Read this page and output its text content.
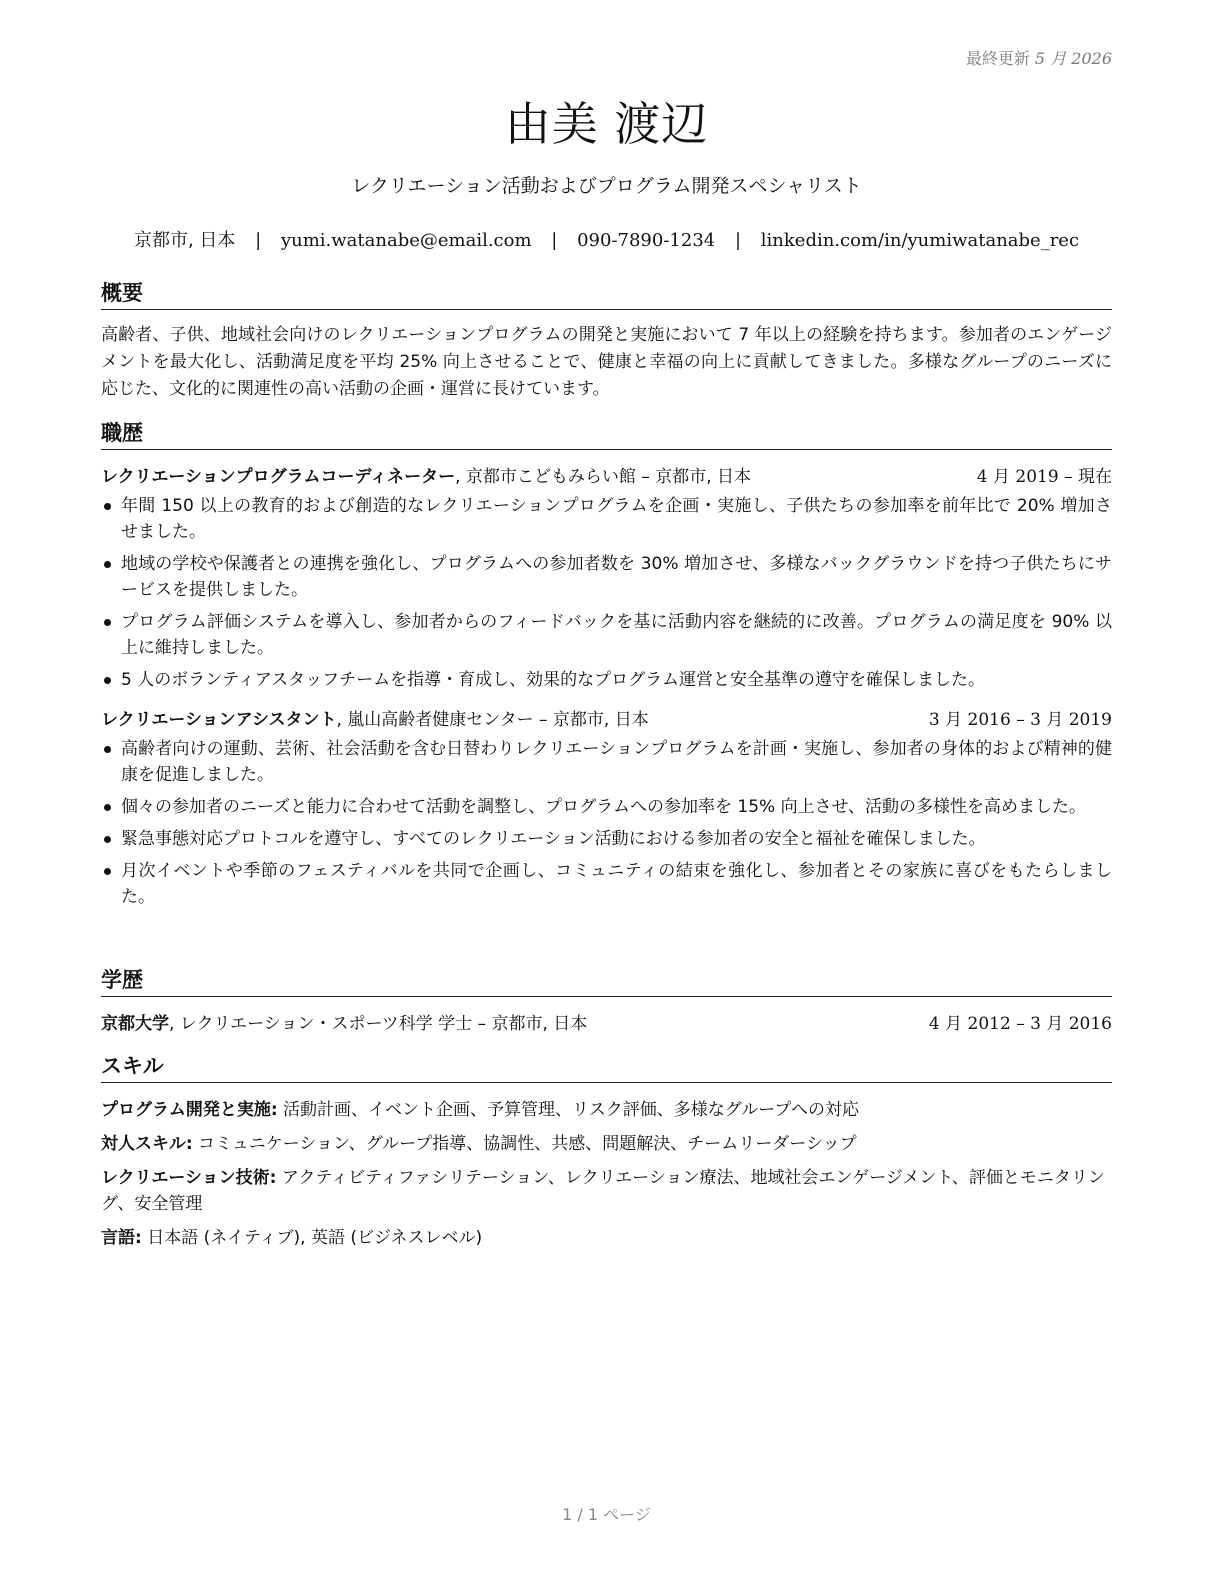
最終更新 5 月 2026
由美 渡辺
レクリエーション活動およびプログラム開発スペシャリスト
京都市, 日本 | yumi.watanabe@email.com | 090-7890-1234 | linkedin.com/in/yumiwatanabe_rec
概要
高齢者、子供、地域社会向けのレクリエーションプログラムの開発と実施において 7 年以上の経験を持ちます。参加者のエンゲージメントを最大化し、活動満足度を平均 25% 向上させることで、健康と幸福の向上に貢献してきました。多様なグループのニーズに応じた、文化的に関連性の高い活動の企画・運営に長けています。
職歴
レクリエーションプログラムコーディネーター, 京都市こどもみらい館 – 京都市, 日本	4 月 2019 – 現在
年間 150 以上の教育的および創造的なレクリエーションプログラムを企画・実施し、子供たちの参加率を前年比で 20% 増加させました。
地域の学校や保護者との連携を強化し、プログラムへの参加者数を 30% 増加させ、多様なバックグラウンドを持つ子供たちにサービスを提供しました。
プログラム評価システムを導入し、参加者からのフィードバックを基に活動内容を継続的に改善。プログラムの満足度を 90% 以上に維持しました。
5 人のボランティアスタッフチームを指導・育成し、効果的なプログラム運営と安全基準の遵守を確保しました。
レクリエーションアシスタント, 嵐山高齢者健康センター – 京都市, 日本	3 月 2016 – 3 月 2019
高齢者向けの運動、芸術、社会活動を含む日替わりレクリエーションプログラムを計画・実施し、参加者の身体的および精神的健康を促進しました。
個々の参加者のニーズと能力に合わせて活動を調整し、プログラムへの参加率を 15% 向上させ、活動の多様性を高めました。
緊急事態対応プロトコルを遵守し、すべてのレクリエーション活動における参加者の安全と福祉を確保しました。
月次イベントや季節のフェスティバルを共同で企画し、コミュニティの結束を強化し、参加者とその家族に喜びをもたらしました。
学歴
京都大学, レクリエーション・スポーツ科学 学士 – 京都市, 日本	4 月 2012 – 3 月 2016
スキル
プログラム開発と実施: 活動計画、イベント企画、予算管理、リスク評価、多様なグループへの対応
対人スキル: コミュニケーション、グループ指導、協調性、共感、問題解決、チームリーダーシップ
レクリエーション技術: アクティビティファシリテーション、レクリエーション療法、地域社会エンゲージメント、評価とモニタリング、安全管理
言語: 日本語 (ネイティブ), 英語 (ビジネスレベル)
1 / 1 ページ
